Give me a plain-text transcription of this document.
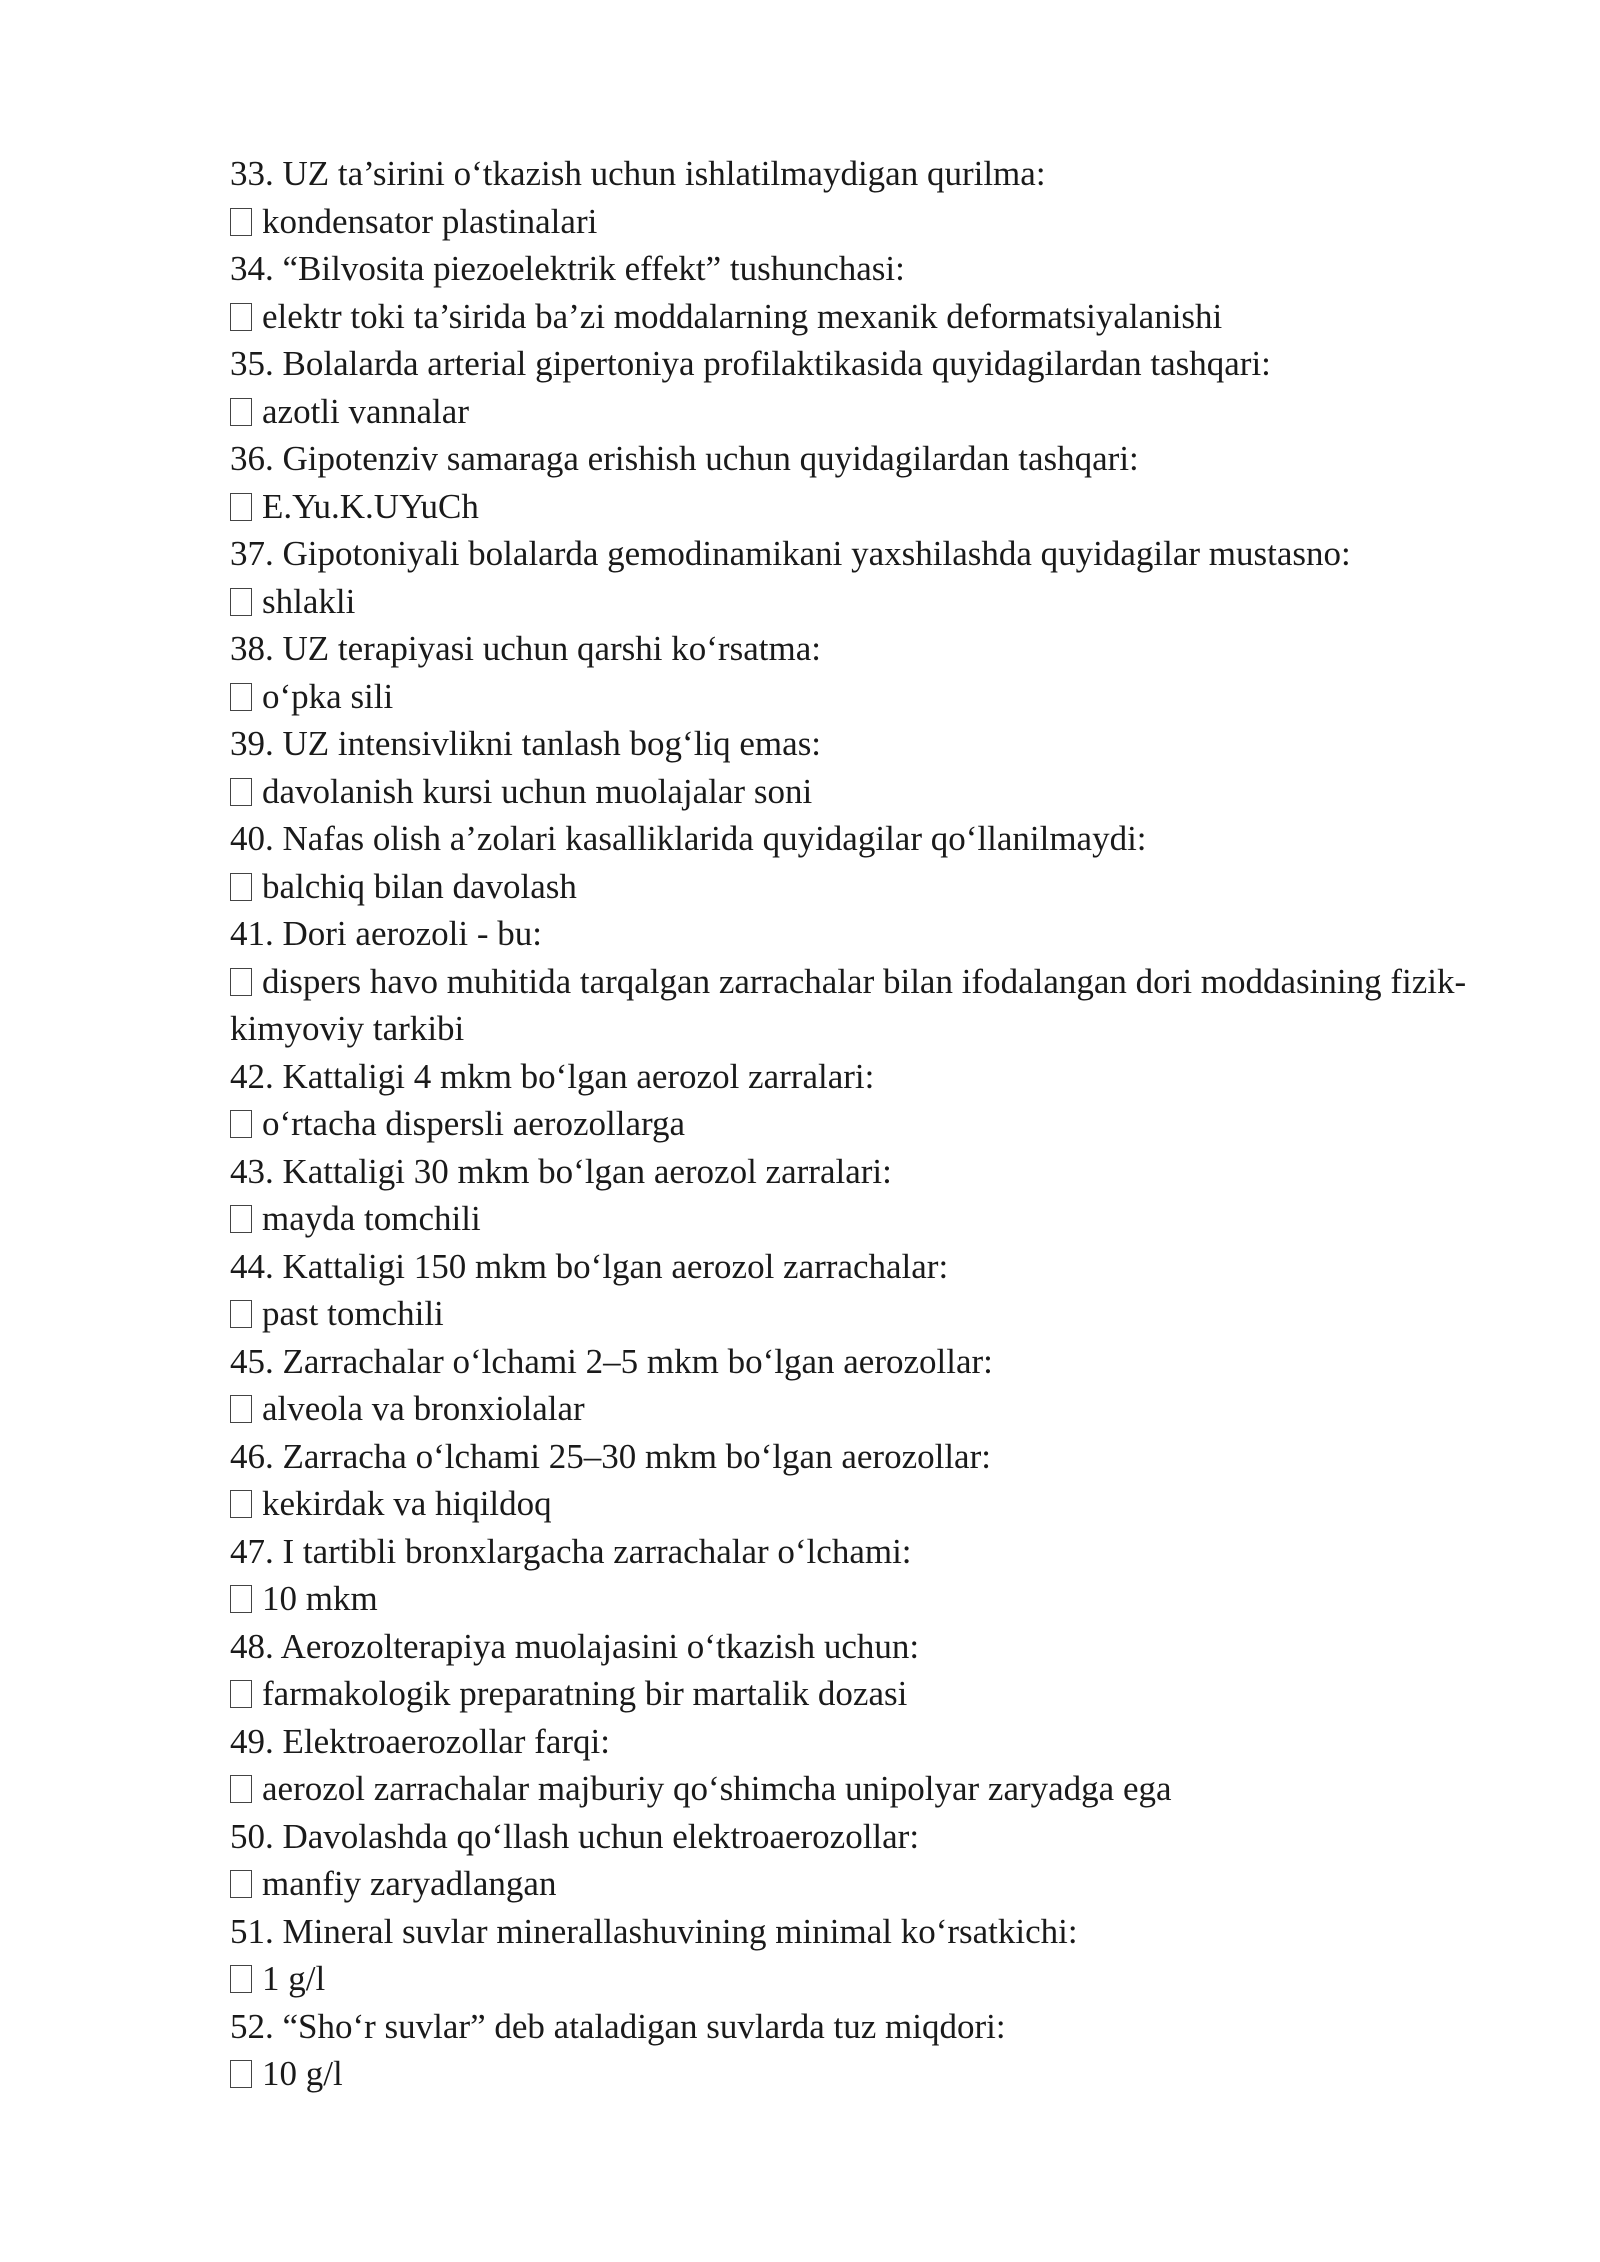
33. UZ ta’sirini o‘tkazish uchun ishlatilmaydigan qurilma:
kondensator plastinalari
34. “Bilvosita piezoelektrik effekt” tushunchasi:
elektr toki ta’sirida ba’zi moddalarning mexanik deformatsiyalanishi
35. Bolalarda arterial gipertoniya profilaktikasida quyidagilardan tashqari:
azotli vannalar
36. Gipotenziv samaraga erishish uchun quyidagilardan tashqari:
E.Yu.K.UYuCh
37. Gipotoniyali bolalarda gemodinamikani yaxshilashda quyidagilar mustasno:
shlakli
38. UZ terapiyasi uchun qarshi ko‘rsatma:
o‘pka sili
39. UZ intensivlikni tanlash bog‘liq emas:
davolanish kursi uchun muolajalar soni
40. Nafas olish a’zolari kasalliklarida quyidagilar qo‘llanilmaydi:
balchiq bilan davolash
41. Dori aerozoli - bu:
dispers havo muhitida tarqalgan zarrachalar bilan ifodalangan dori moddasining fizik-kimyoviy tarkibi
42. Kattaligi 4 mkm bo‘lgan aerozol zarralari:
o‘rtacha dispersli aerozollarga
43. Kattaligi 30 mkm bo‘lgan aerozol zarralari:
mayda tomchili
44. Kattaligi 150 mkm bo‘lgan aerozol zarrachalar:
past tomchili
45. Zarrachalar o‘lchami 2–5 mkm bo‘lgan aerozollar:
alveola va bronxiolalar
46. Zarracha o‘lchami 25–30 mkm bo‘lgan aerozollar:
kekirdak va hiqildoq
47. I tartibli bronxlargacha zarrachalar o‘lchami:
10 mkm
48. Aerozolterapiya muolajasini o‘tkazish uchun:
farmakologik preparatning bir martalik dozasi
49. Elektroaerozollar farqi:
aerozol zarrachalar majburiy qo‘shimcha unipolyar zaryadga ega
50. Davolashda qo‘llash uchun elektroaerozollar:
manfiy zaryadlangan
51. Mineral suvlar minerallashuvining minimal ko‘rsatkichi:
1 g/l
52. “Sho‘r suvlar” deb ataladigan suvlarda tuz miqdori:
10 g/l
